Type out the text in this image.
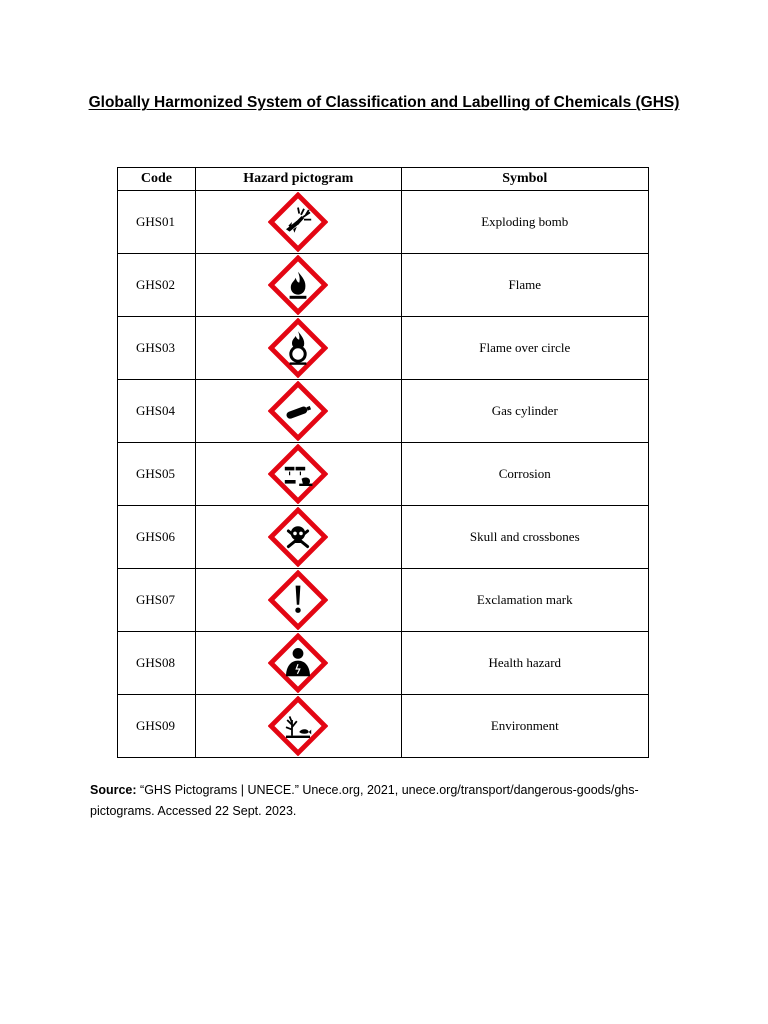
Globally Harmonized System of Classification and Labelling of Chemicals (GHS)
Code	Hazard pictogram	Symbol
GHS01		Exploding bomb
GHS02		Flame
GHS03		Flame over circle
GHS04		Gas cylinder
GHS05		Corrosion
GHS06		Skull and crossbones
GHS07		Exclamation mark
GHS08		Health hazard
GHS09		Environment
Source: “GHS Pictograms | UNECE.” Unece.org, 2021, unece.org/transport/dangerous-goods/ghs-pictograms. Accessed 22 Sept. 2023.
